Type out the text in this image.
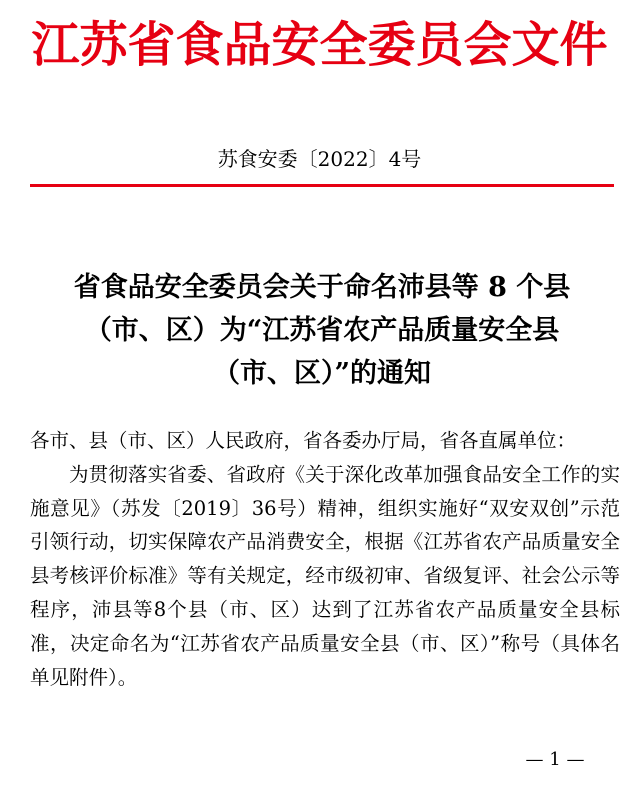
江苏省食品安全委员会文件
苏食安委〔2022〕4号
省食品安全委员会关于命名沛县等 8 个县
（市、区）为“江苏省农产品质量安全县
（市、区）”的通知
各市、县（市、区）人民政府，省各委办厅局，省各直属单位：

为贯彻落实省委、省政府《关于深化改革加强食品安全工作的实施意见》（苏发〔2019〕36号）精神，组织实施好“双安双创”示范引领行动，切实保障农产品消费安全，根据《江苏省农产品质量安全县考核评价标准》等有关规定，经市级初审、省级复评、社会公示等程序，沛县等8个县（市、区）达到了江苏省农产品质量安全县标准，决定命名为“江苏省农产品质量安全县（市、区）”称号（具体名单见附件）。

— 1 —
